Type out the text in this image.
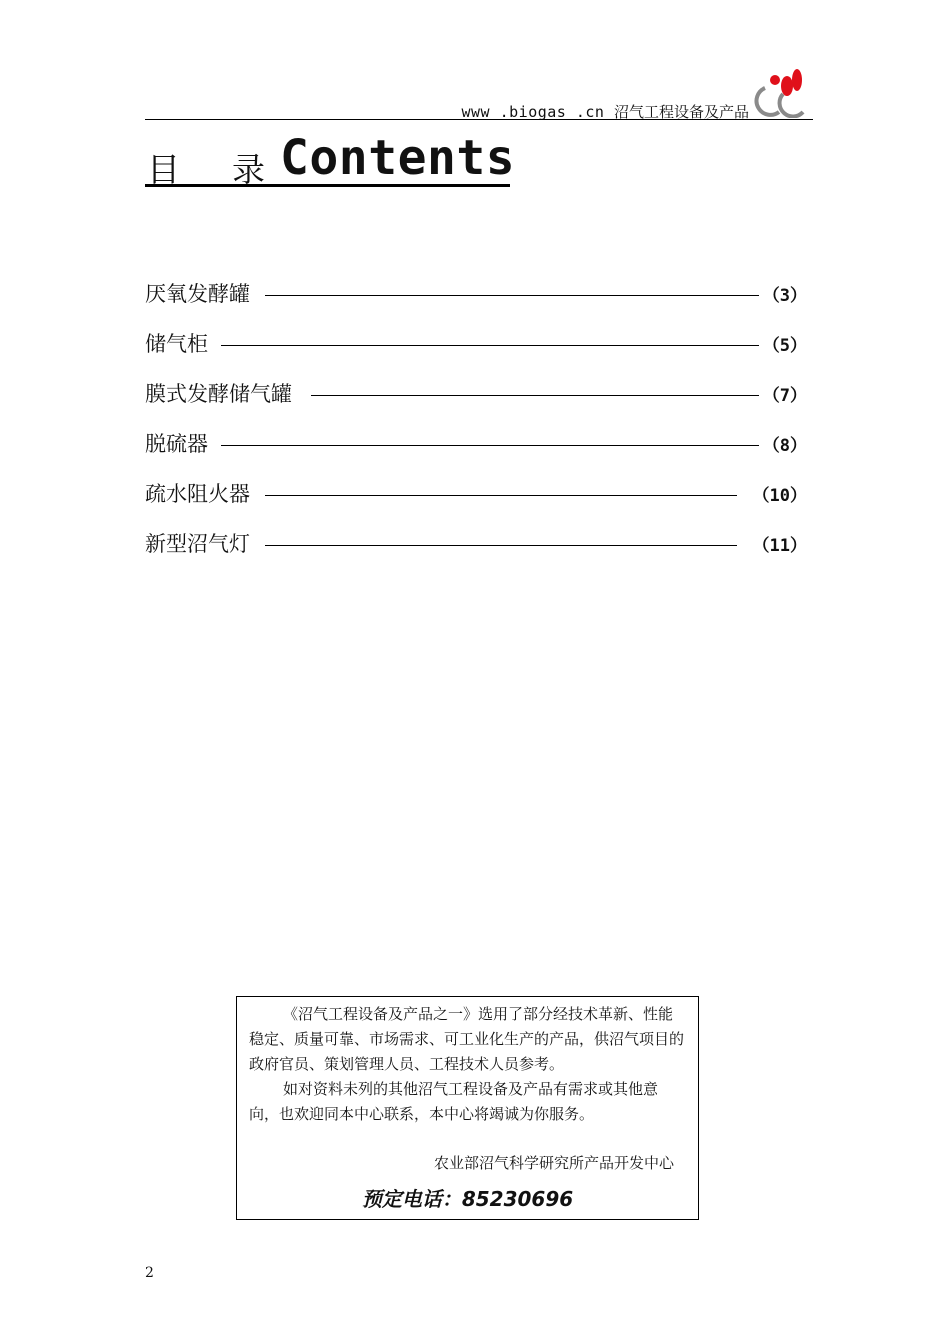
www .biogas .cn 沼气工程设备及产品
目录
Contents
厌氧发酵罐	（3）
储气柜	（5）
膜式发酵储气罐	（7）
脱硫器	（8）
疏水阻火器	（10）
新型沼气灯	（11）

《沼气工程设备及产品之一》选用了部分经技术革新、性能稳定、质量可靠、市场需求、可工业化生产的产品，供沼气项目的政府官员、策划管理人员、工程技术人员参考。

如对资料未列的其他沼气工程设备及产品有需求或其他意向，也欢迎同本中心联系，本中心将竭诚为你服务。

农业部沼气科学研究所产品开发中心
预定电话：85230696
2
